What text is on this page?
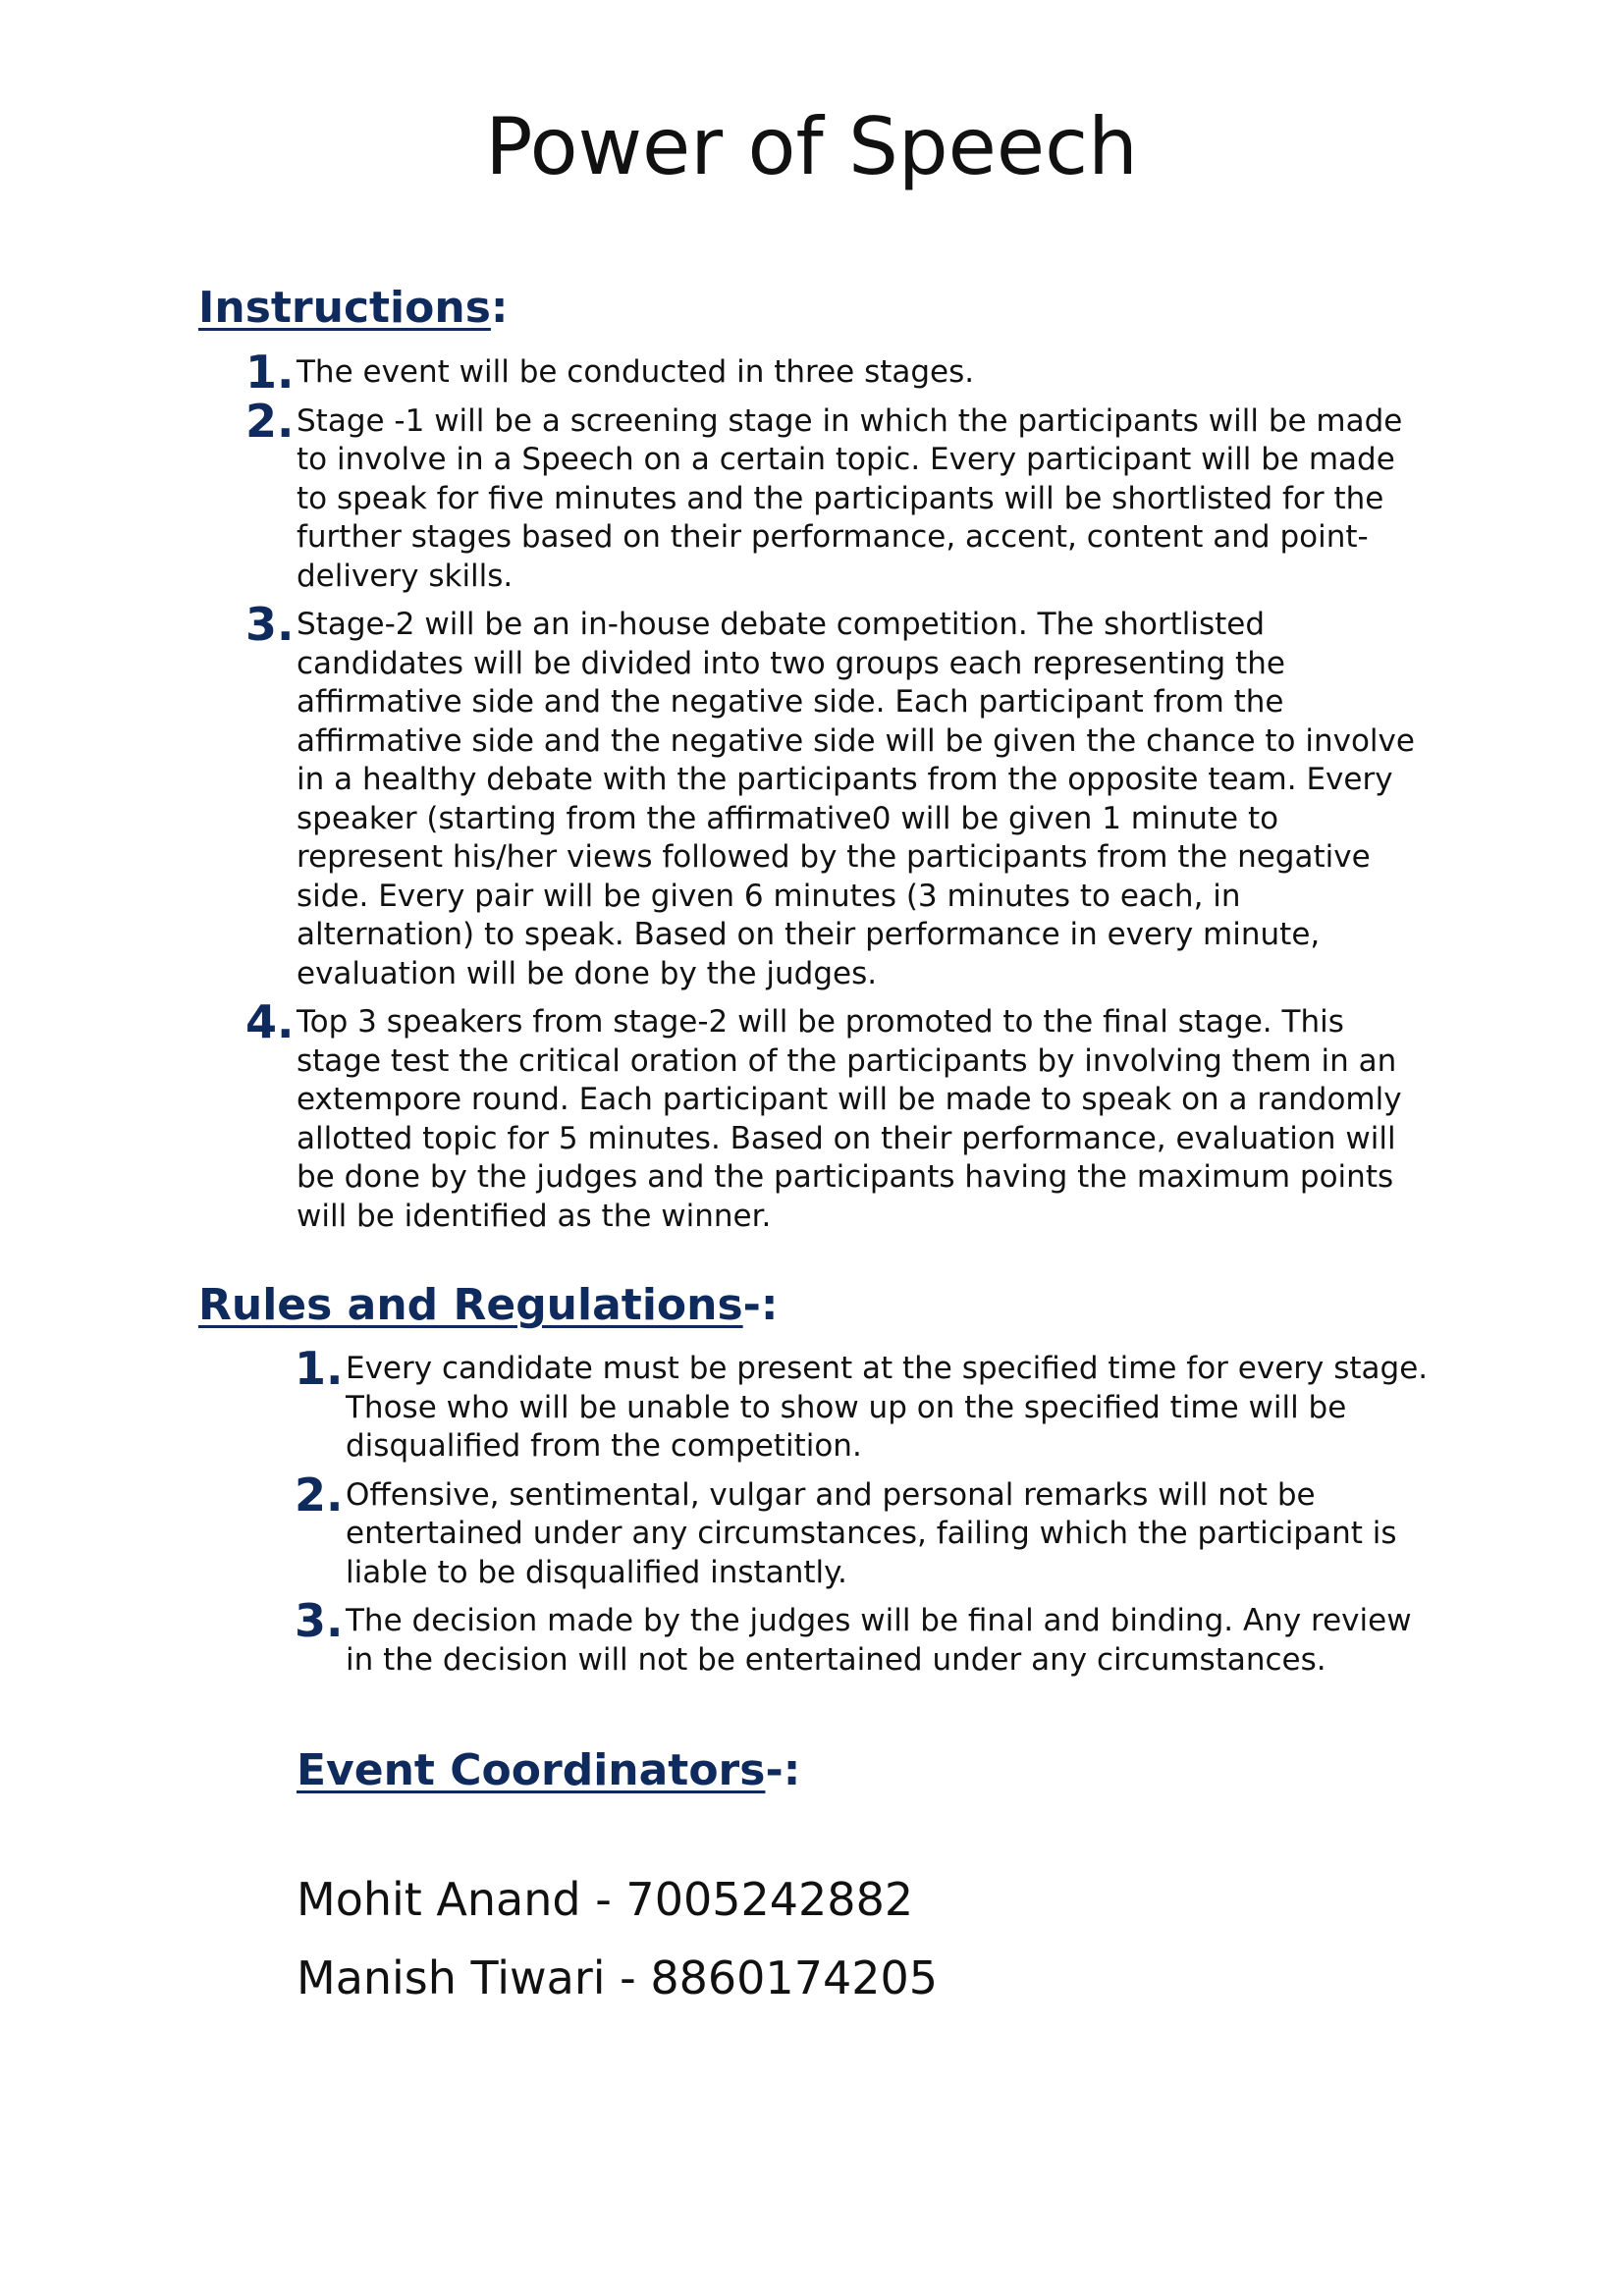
Power of Speech
Instructions:
1. The event will be conducted in three stages.
2. Stage -1 will be a screening stage in which the participants will be made to involve in a Speech on a certain topic. Every participant will be made to speak for five minutes and the participants will be shortlisted for the further stages based on their performance, accent, content and point-delivery skills.
3. Stage-2 will be an in-house debate competition. The shortlisted candidates will be divided into two groups each representing the affirmative side and the negative side. Each participant from the affirmative side and the negative side will be given the chance to involve in a healthy debate with the participants from the opposite team. Every speaker (starting from the affirmative0 will be given 1 minute to represent his/her views followed by the participants from the negative side. Every pair will be given 6 minutes (3 minutes to each, in alternation) to speak. Based on their performance in every minute, evaluation will be done by the judges.
4. Top 3 speakers from stage-2 will be promoted to the final stage. This stage test the critical oration of the participants by involving them in an extempore round. Each participant will be made to speak on a randomly allotted topic for 5 minutes. Based on their performance, evaluation will be done by the judges and the participants having the maximum points will be identified as the winner.
Rules and Regulations-:
1. Every candidate must be present at the specified time for every stage. Those who will be unable to show up on the specified time will be disqualified from the competition.
2. Offensive, sentimental, vulgar and personal remarks will not be entertained under any circumstances, failing which the participant is liable to be disqualified instantly.
3. The decision made by the judges will be final and binding. Any review in the decision will not be entertained under any circumstances.
Event Coordinators-:
Mohit Anand - 7005242882
Manish Tiwari - 8860174205
